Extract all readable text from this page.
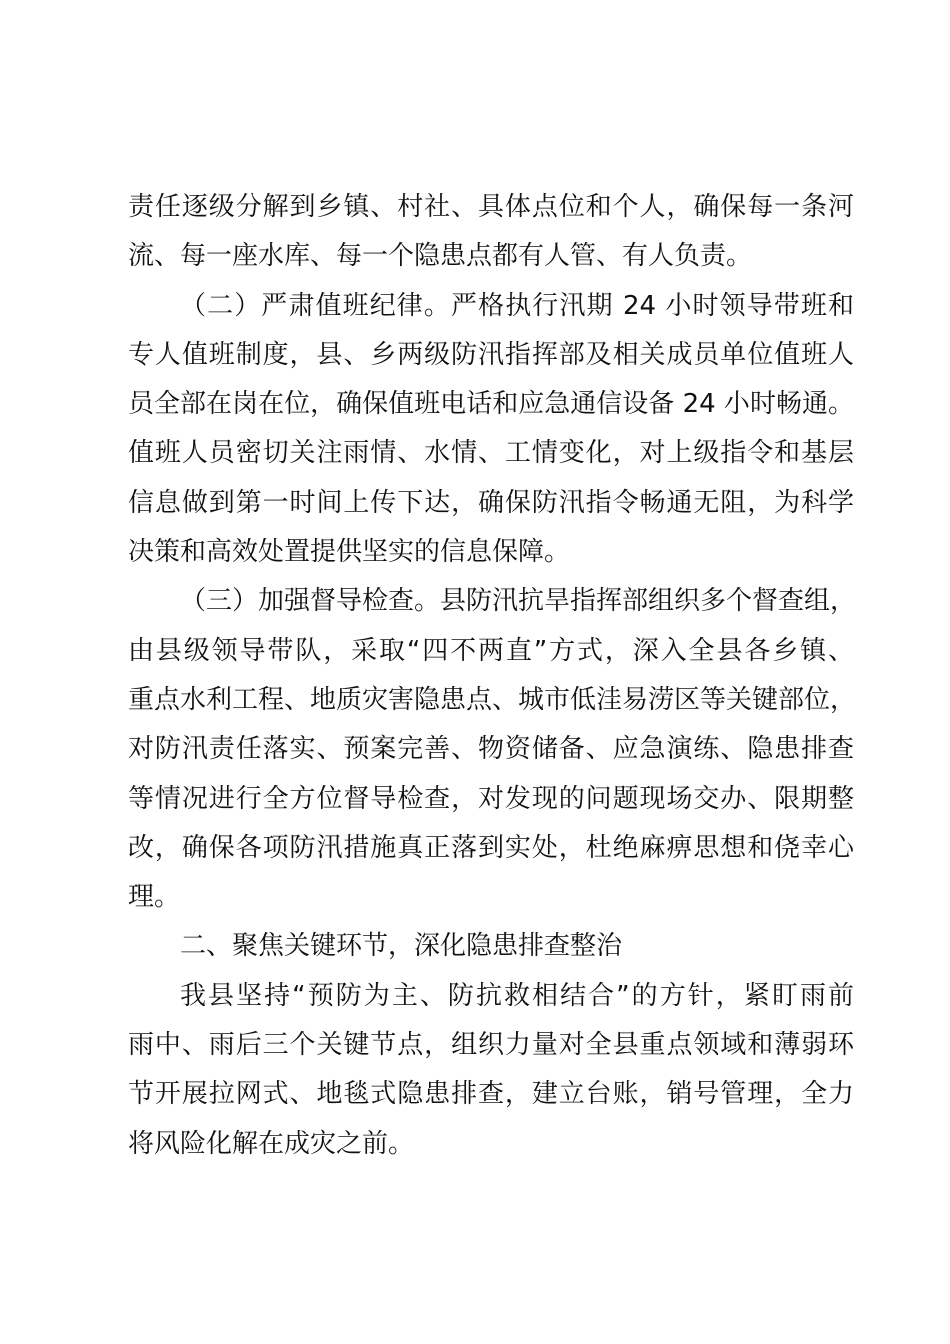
责任逐级分解到乡镇、村社、具体点位和个人，确保每一条河
流、每一座水库、每一个隐患点都有人管、有人负责。
（二）严肃值班纪律。严格执行汛期 24 小时领导带班和
专人值班制度，县、乡两级防汛指挥部及相关成员单位值班人
员全部在岗在位，确保值班电话和应急通信设备 24 小时畅通。
值班人员密切关注雨情、水情、工情变化，对上级指令和基层
信息做到第一时间上传下达，确保防汛指令畅通无阻，为科学
决策和高效处置提供坚实的信息保障。
（三）加强督导检查。县防汛抗旱指挥部组织多个督查组，
由县级领导带队，采取“四不两直”方式，深入全县各乡镇、
重点水利工程、地质灾害隐患点、城市低洼易涝区等关键部位，
对防汛责任落实、预案完善、物资储备、应急演练、隐患排查
等情况进行全方位督导检查，对发现的问题现场交办、限期整
改，确保各项防汛措施真正落到实处，杜绝麻痹思想和侥幸心
理。
二、聚焦关键环节，深化隐患排查整治
我县坚持“预防为主、防抗救相结合”的方针，紧盯雨前
雨中、雨后三个关键节点，组织力量对全县重点领域和薄弱环
节开展拉网式、地毯式隐患排查，建立台账，销号管理，全力
将风险化解在成灾之前。
